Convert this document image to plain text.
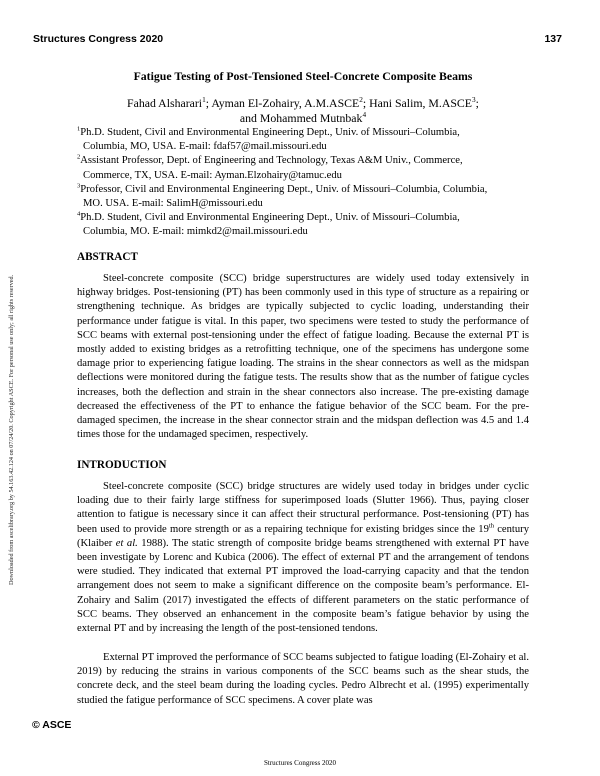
Structures Congress 2020	137
Downloaded from ascelibrary.org by 54.163.42.124 on 07/24/20. Copyright ASCE. For personal use only; all rights reserved.
Fatigue Testing of Post-Tensioned Steel-Concrete Composite Beams
Fahad Alsharari$^1$; Ayman El-Zohairy, A.M.ASCE$^2$; Hani Salim, M.ASCE$^3$;
and Mohammed Mutnbak$^4$

$^1$Ph.D. Student, Civil and Environmental Engineering Dept., Univ. of Missouri–Columbia,

Columbia, MO, USA. E-mail: fdaf57@mail.missouri.edu

$^2$Assistant Professor, Dept. of Engineering and Technology, Texas A&M Univ., Commerce,

Commerce, TX, USA. E-mail: Ayman.Elzohairy@tamuc.edu

$^3$Professor, Civil and Environmental Engineering Dept., Univ. of Missouri–Columbia, Columbia,

MO. USA. E-mail: SalimH@missouri.edu

$^4$Ph.D. Student, Civil and Environmental Engineering Dept., Univ. of Missouri–Columbia,

Columbia, MO. E-mail: mimkd2@mail.missouri.edu

ABSTRACT

Steel-concrete composite (SCC) bridge superstructures are widely used today extensively in highway bridges. Post-tensioning (PT) has been commonly used in this type of structure as a repairing or strengthening technique. As bridges are typically subjected to cyclic loading, understanding their performance under fatigue is vital. In this paper, two specimens were tested to study the performance of SCC beams with external post-tensioning under the effect of fatigue loading. Because the external PT is mostly added to existing bridges as a retrofitting technique, one of the specimens has undergone some damage prior to experiencing fatigue loading. The strains in the shear connectors as well as the midspan deflections were monitored during the fatigue tests. The results show that as the number of fatigue cycles increases, both the deflection and strain in the shear connectors also increase. The pre-existing damage decreased the effectiveness of the PT to enhance the fatigue behavior of the SCC beam. For the pre-damaged specimen, the increase in the shear connector strain and the midspan deflection was 4.5 and 1.4 times those for the undamaged specimen, respectively.

INTRODUCTION

Steel-concrete composite (SCC) bridge structures are widely used today in bridges under cyclic loading due to their fairly large stiffness for superimposed loads (Slutter 1966). Thus, paying closer attention to fatigue is necessary since it can affect their structural performance. Post-tensioning (PT) has been used to provide more strength or as a repairing technique for existing bridges since the 19th century (Klaiber et al. 1988). The static strength of composite bridge beams strengthened with external PT have been investigate by Lorenc and Kubica (2006). The effect of external PT and the arrangement of tendons were studied. They indicated that external PT improved the load-carrying capacity and that the tendon arrangement does not seem to make a significant difference on the composite beam’s performance. El-Zohairy and Salim (2017) investigated the effects of different parameters on the static performance of SCC beams. They observed an enhancement in the composite beam’s fatigue behavior by using the external PT and by increasing the length of the post-tensioned tendons.

External PT improved the performance of SCC beams subjected to fatigue loading (El-Zohairy et al. 2019) by reducing the strains in various components of the SCC beams such as the shear studs, the concrete deck, and the steel beam during the loading cycles. Pedro Albrecht et al. (1995) experimentally studied the fatigue performance of SCC specimens. A cover plate was

© ASCE
Structures Congress 2020
